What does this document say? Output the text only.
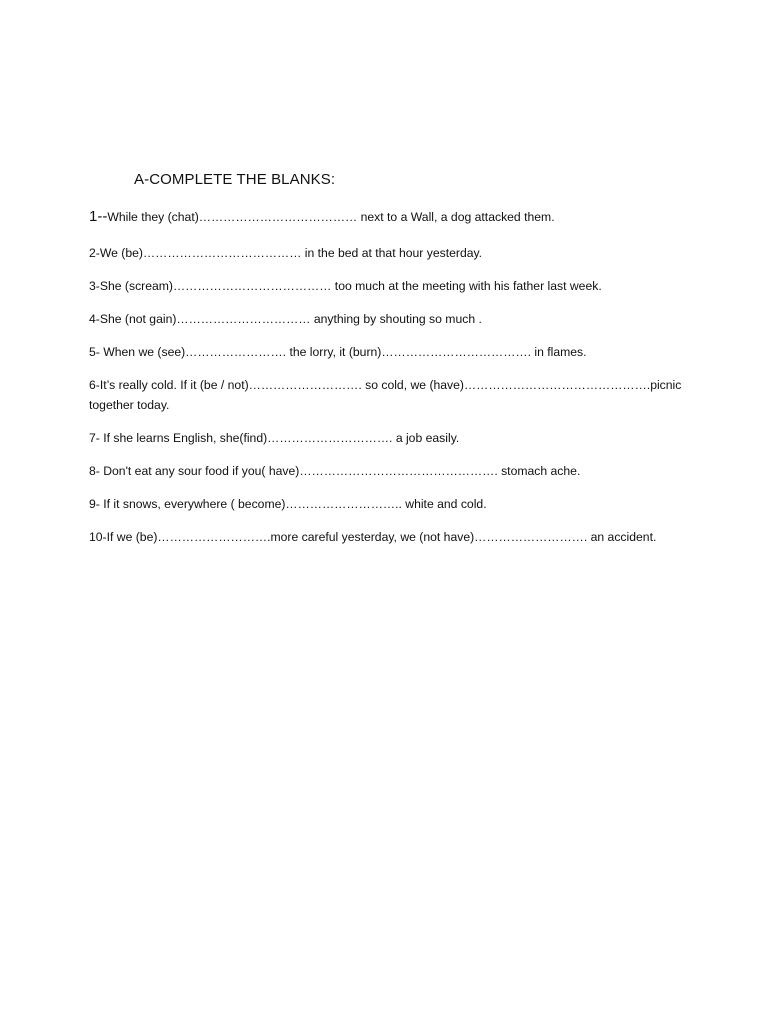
A-COMPLETE THE BLANKS:
1--While they (chat)………………………………… next to a Wall, a dog attacked them.
2-We (be)………………………………… in the bed at that hour yesterday.
3-She (scream)………………………………… too much at the meeting with his father last week.
4-She (not gain)…………………………… anything by shouting so much .
5- When we (see)……………………. the lorry, it (burn)………………………………. in flames.
6-It’s really cold. If it (be / not)………………………. so cold, we (have)……………………………………….picnic together today.
7- If she learns English, she(find)…………………………. a job easily.
8- Don't eat any sour food if you( have)…………………………………………. stomach ache.
9- If it snows, everywhere ( become)……………………….. white and cold.
10-If we (be)……………………….more careful yesterday, we (not have)………………………. an accident.
